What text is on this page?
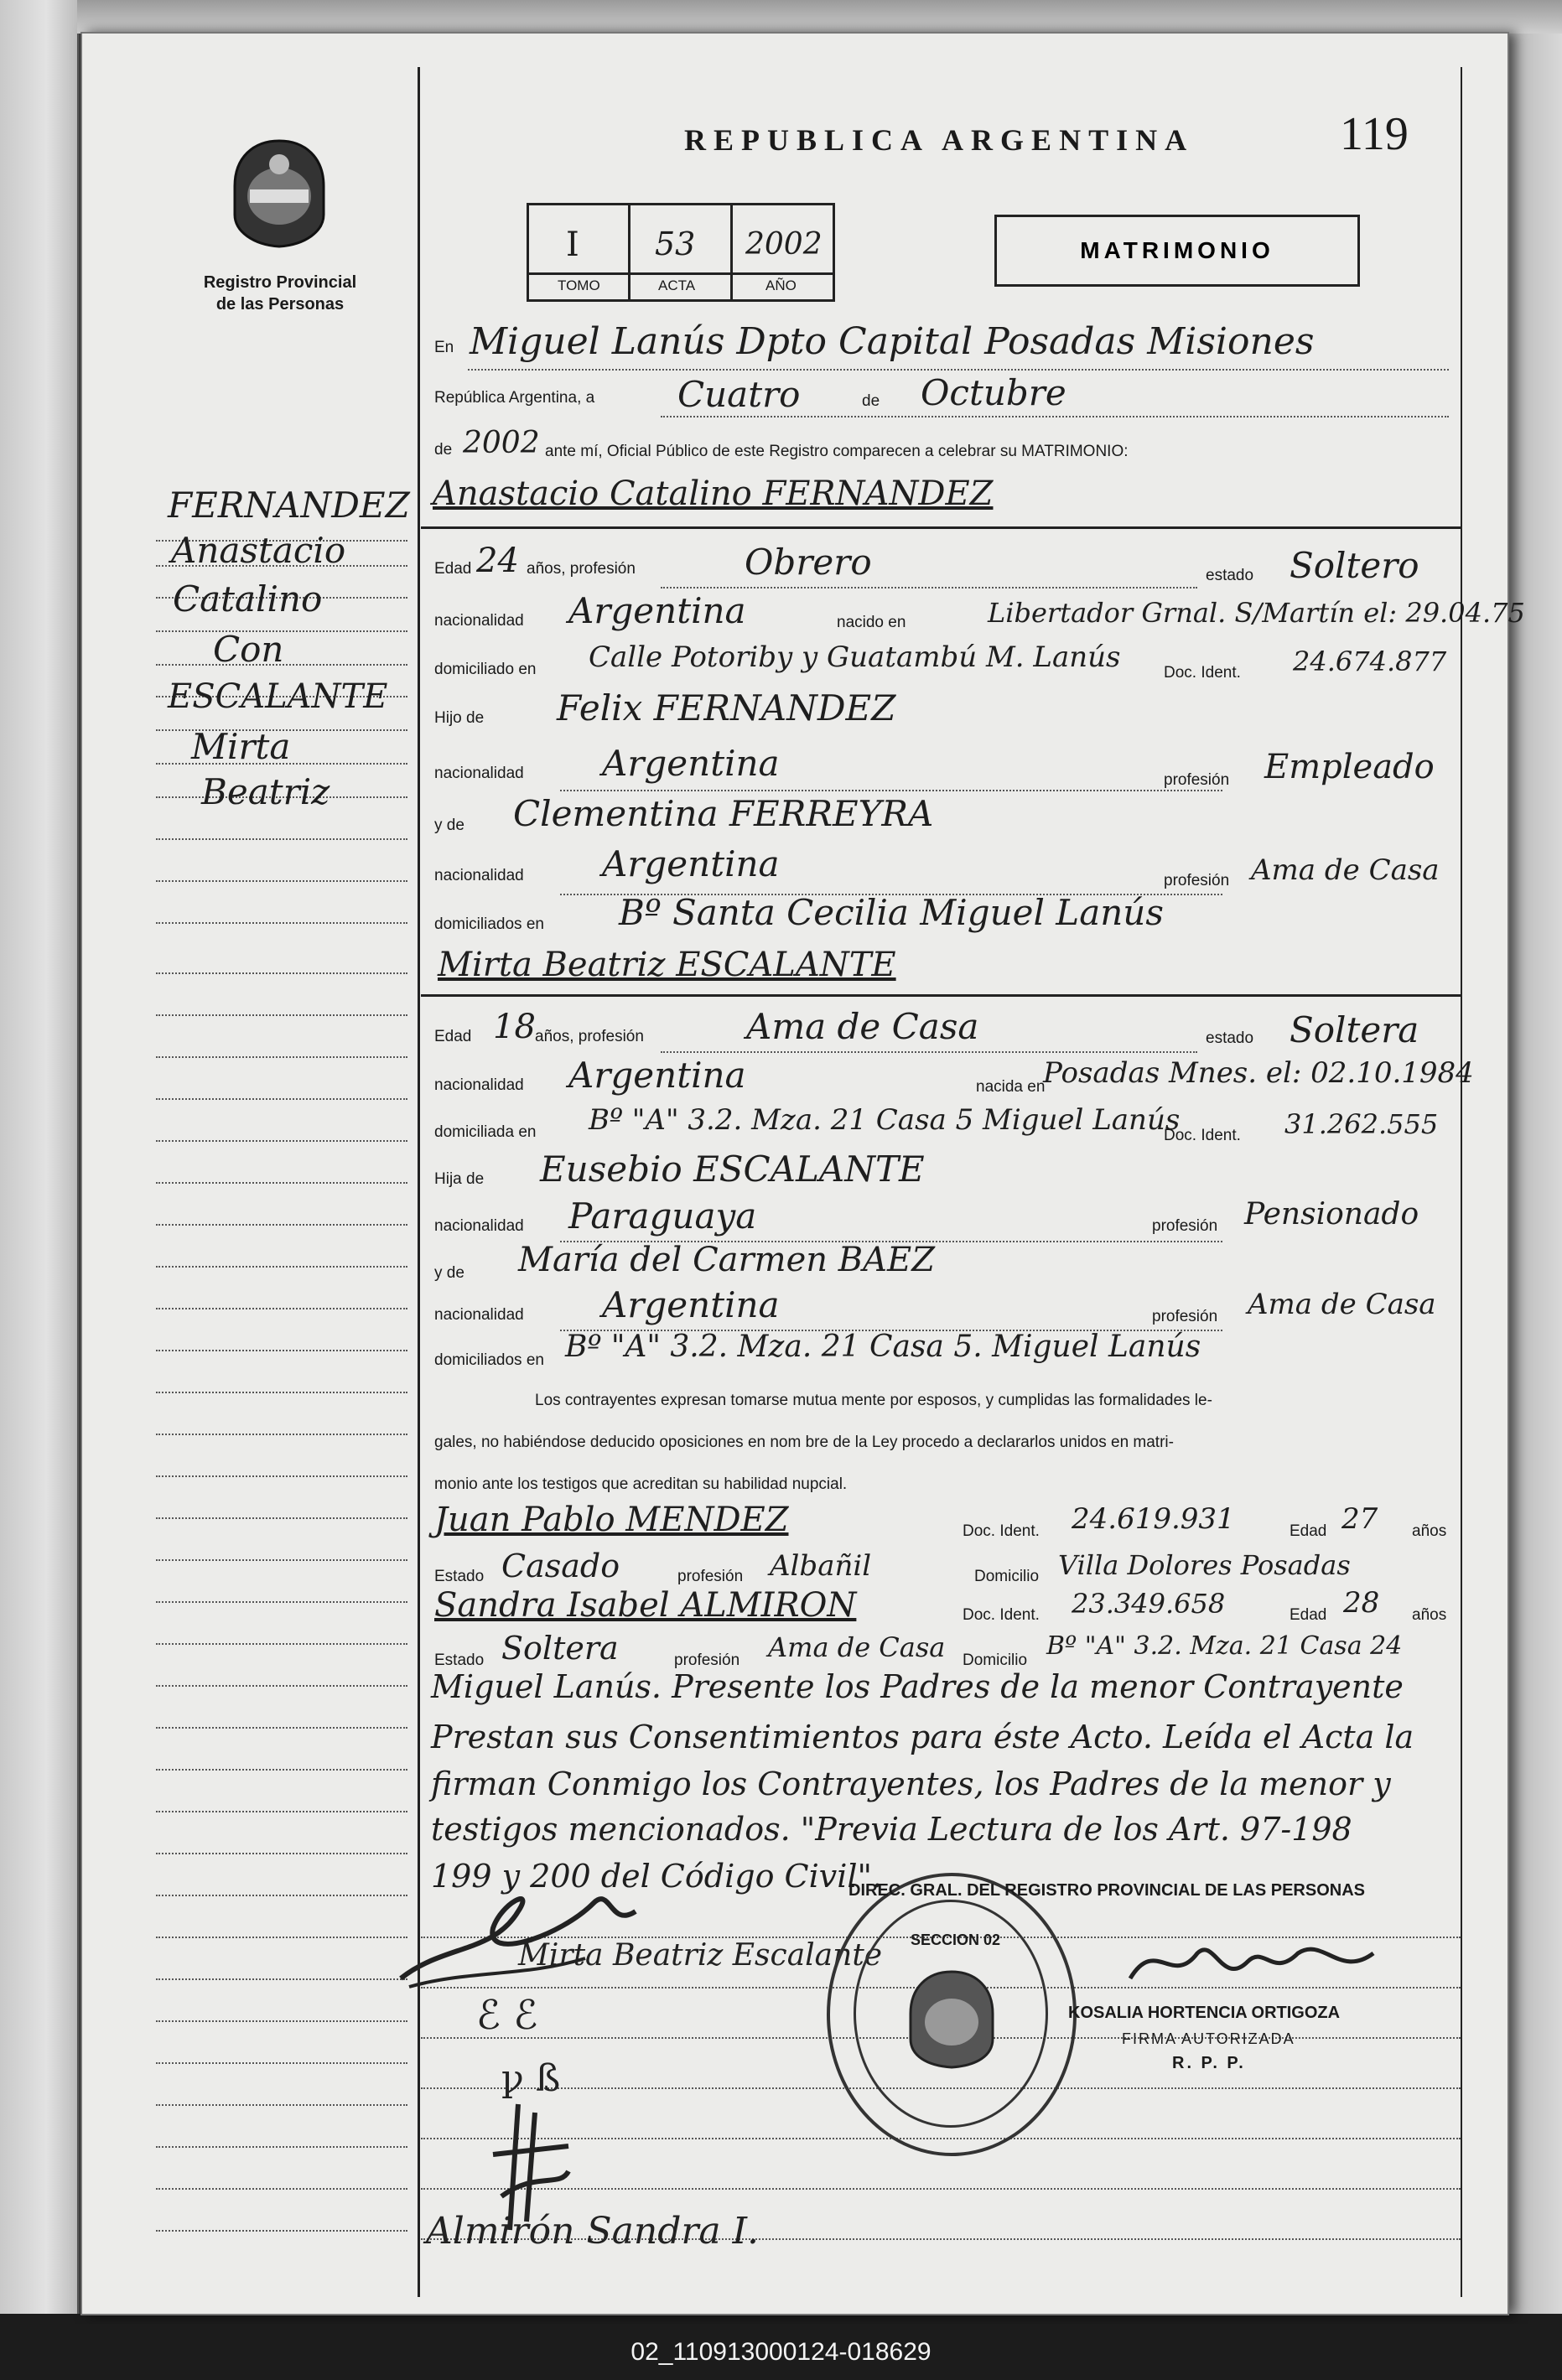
Registro Provincial
de las Personas
REPUBLICA ARGENTINA	119
I 53 2002
TOMO	ACTA	AÑO
MATRIMONIO
FERNANDEZ
Anastacio
Catalino
Con
ESCALANTE
Mirta
Beatriz
En Miguel Lanús Dpto Capital Posadas Misiones
República Argentina, a Cuatro	de Octubre
de 2002 ante mí, Oficial Público de este Registro comparecen a celebrar su MATRIMONIO:
Anastacio Catalino FERNANDEZ
Edad 24 años, profesión	Obrero	estado Soltero
nacionalidad Argentina	nacido en	Libertador Grnal. S/Martín el: 29.04.75
domiciliado en Calle Potoriby y Guatambú M. Lanús	Doc. Ident. 24.674.877
Hijo de Felix FERNANDEZ
nacionalidad Argentina	profesión Empleado
y de Clementina FERREYRA
nacionalidad Argentina	profesión Ama de Casa
domiciliados en Bº Santa Cecilia Miguel Lanús
Mirta Beatriz ESCALANTE
Edad 18 años, profesión	Ama de Casa	estado Soltera
nacionalidad Argentina	nacida en
Posadas Mnes. el: 02.10.1984
domiciliada en Bº "A" 3.2. Mza. 21 Casa 5 Miguel Lanús
Doc. Ident. 31.262.555
Hija de Eusebio ESCALANTE
nacionalidad Paraguaya	profesión Pensionado
y de María del Carmen BAEZ
nacionalidad Argentina	profesión Ama de Casa
domiciliados en Bº "A" 3.2. Mza. 21 Casa 5. Miguel Lanús
Los contrayentes expresan tomarse mutua mente por esposos, y cumplidas las formalidades le-
gales, no habiéndose deducido oposiciones en nom bre de la Ley procedo a declararlos unidos en matri-
monio ante los testigos que acreditan su habilidad nupcial.
Juan Pablo MENDEZ	Doc. Ident. 24.619.931	Edad 27 años
Estado Casado	profesión Albañil	Domicilio Villa Dolores Posadas
Sandra Isabel ALMIRON	Doc. Ident. 23.349.658	Edad 28 años
Estado Soltera	profesión Ama de Casa Domicilio Bº "A" 3.2. Mza. 21 Casa 24
Miguel Lanús. Presente los Padres de la menor Contrayente
Prestan sus Consentimientos para éste Acto. Leída el Acta la
firman Conmigo los Contrayentes, los Padres de la menor y
testigos mencionados. "Previa Lectura de los Art. 97-198
199 y 200 del Código Civil".
Mirta Beatriz Escalante
ℰ ℰ
ꝩ ß
Almirón Sandra I.
DIREC. GRAL. DEL REGISTRO PROVINCIAL DE LAS PERSONAS
SECCION 02
KOSALIA HORTENCIA ORTIGOZA
FIRMA AUTORIZADA
R. P. P.
02_110913000124-018629
